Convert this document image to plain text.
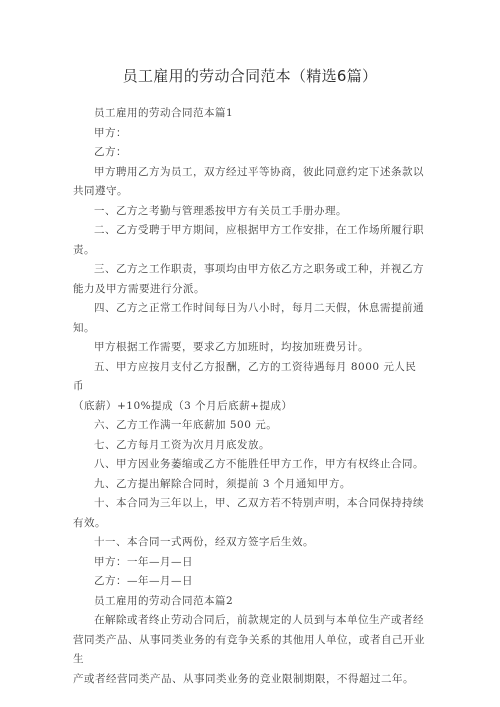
员工雇用的劳动合同范本（精选6篇）

员工雇用的劳动合同范本篇1

甲方：

乙方：

甲方聘用乙方为员工，双方经过平等协商，彼此同意约定下述条款以

共同遵守。

一、乙方之考勤与管理悉按甲方有关员工手册办理。

二、乙方受聘于甲方期间，应根据甲方工作安排，在工作场所履行职

责。

三、乙方之工作职责，事项均由甲方依乙方之职务或工种，并视乙方

能力及甲方需要进行分派。

四、乙方之正常工作时间每日为八小时，每月二天假，休息需提前通

知。

甲方根据工作需要，要求乙方加班时，均按加班费另计。

五、甲方应按月支付乙方报酬，乙方的工资待遇每月 8000 元人民币

（底薪）+10%提成（3 个月后底薪+提成）

六、乙方工作满一年底薪加 500 元。

七、乙方每月工资为次月月底发放。

八、甲方因业务萎缩或乙方不能胜任甲方工作，甲方有权终止合同。

九、乙方提出解除合同时，须提前 3 个月通知甲方。

十、本合同为三年以上，甲、乙双方若不特别声明，本合同保持持续

有效。

十一、本合同一式两份，经双方签字后生效。

甲方：一年—月—日

乙方：—年—月—日

员工雇用的劳动合同范本篇2

在解除或者终止劳动合同后，前款规定的人员到与本单位生产或者经

营同类产品、从事同类业务的有竞争关系的其他用人单位，或者自己开业生

产或者经营同类产品、从事同类业务的竞业限制期限，不得超过二年。
